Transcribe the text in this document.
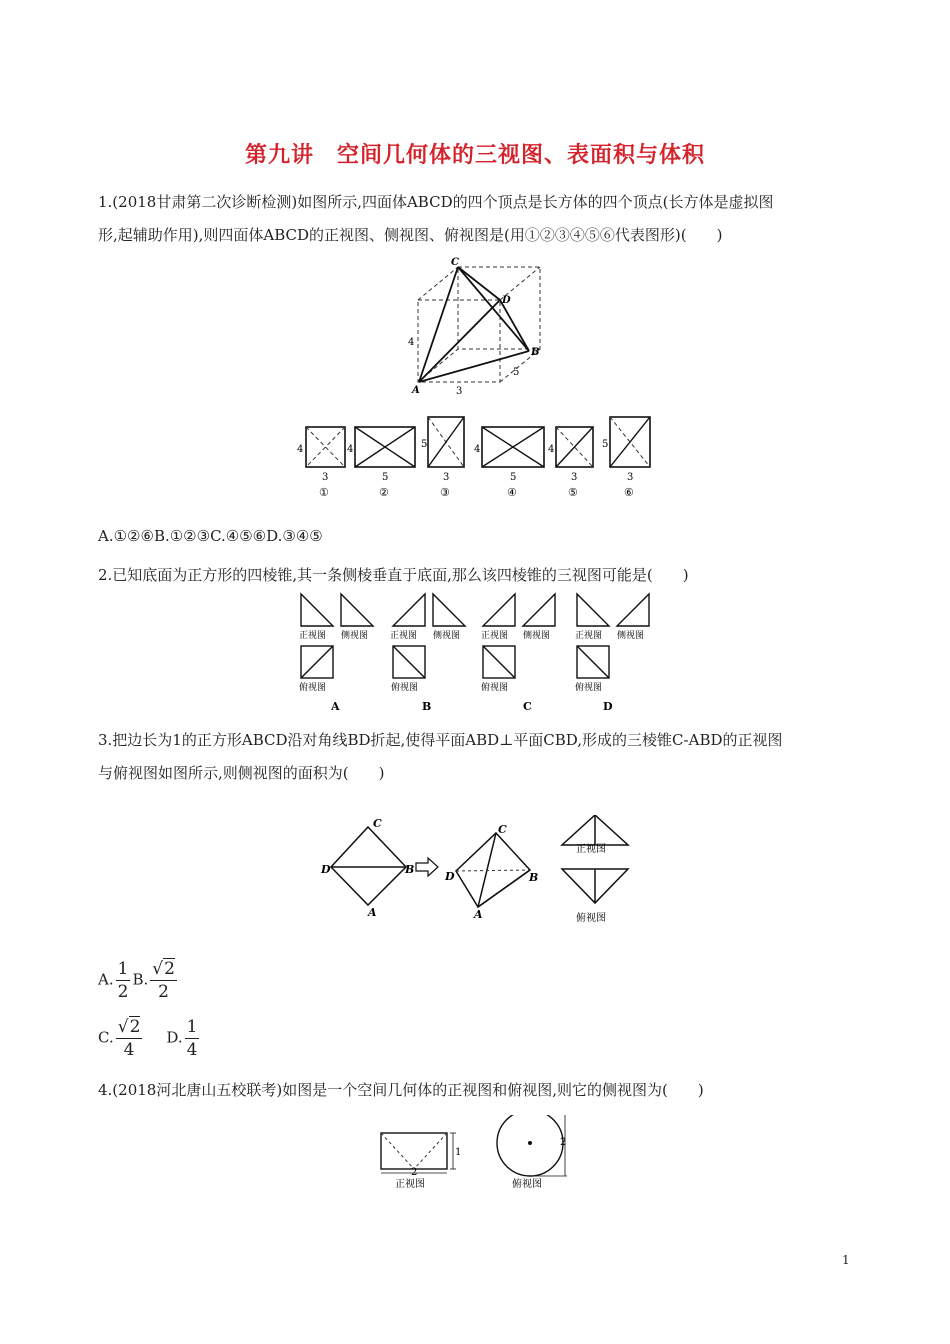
第九讲　空间几何体的三视图、表面积与体积
1.(2018甘肃第二次诊断检测)如图所示,四面体ABCD的四个顶点是长方体的四个顶点(长方体是虚拟图
形,起辅助作用),则四面体ABCD的正视图、侧视图、俯视图是(用①②③④⑤⑥代表图形)(　　)
C
D
B
A
4
3
5
4
3
①
4
5
②
5
3
③
4
5
④
4
3
⑤
5
3
⑥
A.①②⑥B.①②③C.④⑤⑥D.③④⑤
2.已知底面为正方形的四棱锥,其一条侧棱垂直于底面,那么该四棱锥的三视图可能是(　　)
正视图 侧视图
俯视图
正视图 侧视图
俯视图
正视图 侧视图
俯视图
正视图 侧视图
俯视图
A	B	C	D
3.把边长为1的正方形ABCD沿对角线BD折起,使得平面ABD⊥平面CBD,形成的三棱锥C-ABD的正视图
与俯视图如图所示,则侧视图的面积为(　　)
C
D	B
A
C
D	B
A
正视图
俯视图
A. $\frac{1}{2} B$. $\frac{√2}{2}$
C. $\frac{√2}{4} D$. $\frac{1}{4}$
4.(2018河北唐山五校联考)如图是一个空间几何体的正视图和俯视图,则它的侧视图为(　　)
1
2
正视图
2
俯视图
1
